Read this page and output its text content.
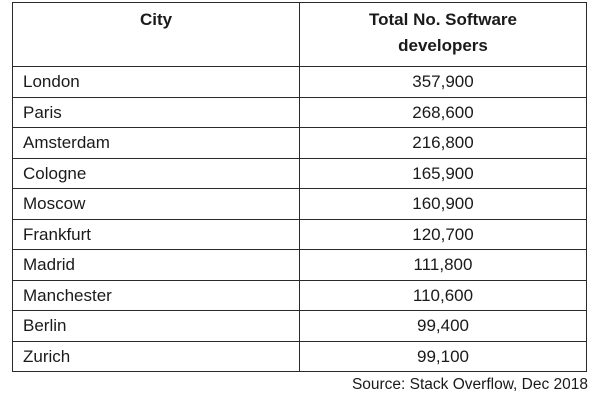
City	Total No. Software
developers
London	357,900
Paris	268,600
Amsterdam	216,800
Cologne	165,900
Moscow	160,900
Frankfurt	120,700
Madrid	111,800
Manchester	110,600
Berlin	99,400
Zurich	99,100
Source: Stack Overflow, Dec 2018
